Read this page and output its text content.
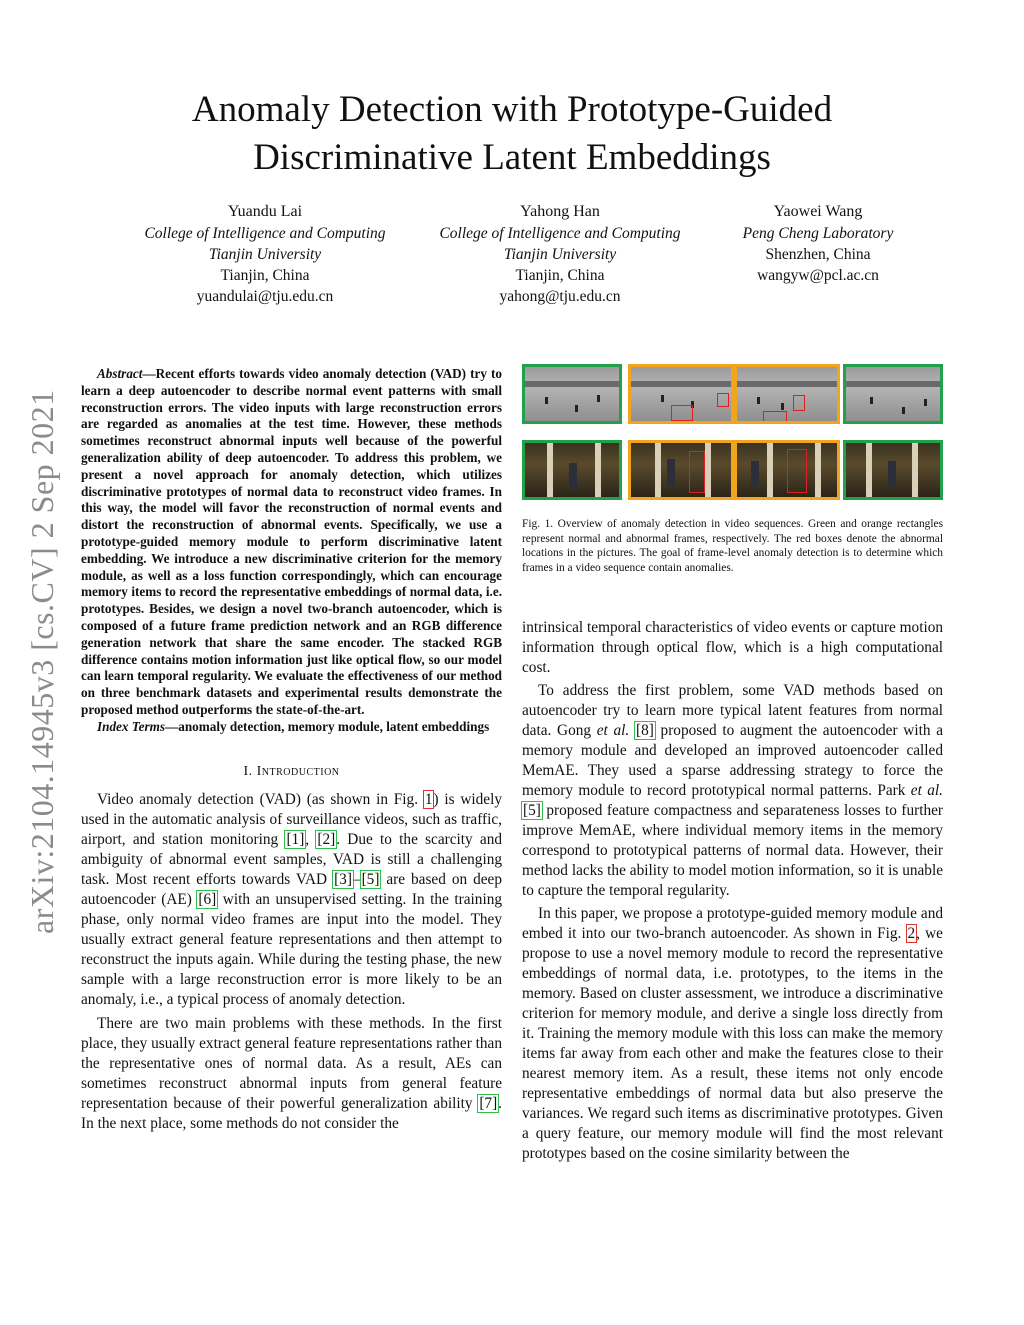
Anomaly Detection with Prototype-Guided
Discriminative Latent Embeddings
Yuandu Lai
College of Intelligence and Computing
Tianjin University
Tianjin, China
yuandulai@tju.edu.cn
Yahong Han
College of Intelligence and Computing
Tianjin University
Tianjin, China
yahong@tju.edu.cn
Yaowei Wang
Peng Cheng Laboratory
Shenzhen, China
wangyw@pcl.ac.cn
arXiv:2104.14945v3 [cs.CV] 2 Sep 2021

Abstract—Recent efforts towards video anomaly detection (VAD) try to learn a deep autoencoder to describe normal event patterns with small reconstruction errors. The video inputs with large reconstruction errors are regarded as anomalies at the test time. However, these methods sometimes reconstruct abnormal inputs well because of the powerful generalization ability of deep autoencoder. To address this problem, we present a novel approach for anomaly detection, which utilizes discriminative prototypes of normal data to reconstruct video frames. In this way, the model will favor the reconstruction of normal events and distort the reconstruction of abnormal events. Specifically, we use a prototype-guided memory module to perform discriminative latent embedding. We introduce a new discriminative criterion for the memory module, as well as a loss function correspondingly, which can encourage memory items to record the representative embeddings of normal data, i.e. prototypes. Besides, we design a novel two-branch autoencoder, which is composed of a future frame prediction network and an RGB difference generation network that share the same encoder. The stacked RGB difference contains motion information just like optical flow, so our model can learn temporal regularity. We evaluate the effectiveness of our method on three benchmark datasets and experimental results demonstrate the proposed method outperforms the state-of-the-art.

Index Terms—anomaly detection, memory module, latent embeddings

I. Introduction

Video anomaly detection (VAD) (as shown in Fig. 1) is widely used in the automatic analysis of surveillance videos, such as traffic, airport, and station monitoring [1], [2]. Due to the scarcity and ambiguity of abnormal event samples, VAD is still a challenging task. Most recent efforts towards VAD [3]–[5] are based on deep autoencoder (AE) [6] with an unsupervised setting. In the training phase, only normal video frames are input into the model. They usually extract general feature representations and then attempt to reconstruct the inputs again. While during the testing phase, the new sample with a large reconstruction error is more likely to be an anomaly, i.e., a typical process of anomaly detection.

There are two main problems with these methods. In the first place, they usually extract general feature representations rather than the representative ones of normal data. As a result, AEs can sometimes reconstruct abnormal inputs from general feature representation because of their powerful generalization ability [7]. In the next place, some methods do not consider the

Fig. 1. Overview of anomaly detection in video sequences. Green and orange rectangles represent normal and abnormal frames, respectively. The red boxes denote the abnormal locations in the pictures. The goal of frame-level anomaly detection is to determine which frames in a video sequence contain anomalies.

intrinsical temporal characteristics of video events or capture motion information through optical flow, which is a high computational cost.

To address the first problem, some VAD methods based on autoencoder try to learn more typical latent features from normal data. Gong et al. [8] proposed to augment the autoencoder with a memory module and developed an improved autoencoder called MemAE. They used a sparse addressing strategy to force the memory module to record prototypical normal patterns. Park et al. [5] proposed feature compactness and separateness losses to further improve MemAE, where individual memory items in the memory correspond to prototypical patterns of normal data. However, their method lacks the ability to model motion information, so it is unable to capture the temporal regularity.

In this paper, we propose a prototype-guided memory module and embed it into our two-branch autoencoder. As shown in Fig. 2, we propose to use a novel memory module to record the representative embeddings of normal data, i.e. prototypes, to the items in the memory. Based on cluster assessment, we introduce a discriminative criterion for memory module, and derive a single loss directly from it. Training the memory module with this loss can make the memory items far away from each other and make the features close to their nearest memory item. As a result, these items not only encode representative embeddings of normal data but also preserve the variances. We regard such items as discriminative prototypes. Given a query feature, our memory module will find the most relevant prototypes based on the cosine similarity between the
